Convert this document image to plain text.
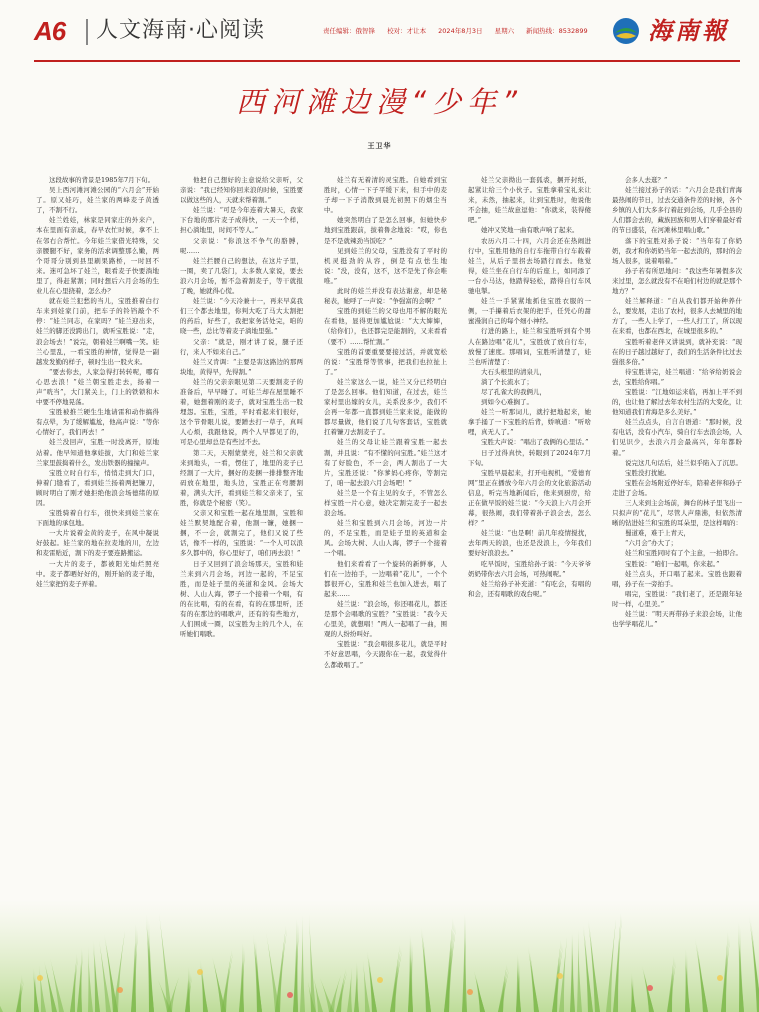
A6 人文海南·心阅读	责任编辑：俄智锋 校对：才让本 2024年8月3日 星期六 新闻热线：8532899	海南報
西河滩边漫“少年”
王卫华

这段故事的背景是1985年7月下旬。

吴上西河滩河滩公园的“六月会”开始了。原又娃巧，娃兰家的两峰麦子黄透了，不割不行。

娃兰姓娃，林家是同家庄的外来户，本在里面有亲戚，春早农忙时候，拿不上在邻右合帮忙。今年娃兰家借光特殊，父亲腰腿不好，家务的活求调整那么嫩，两个哥哥分别到县里刷果路桥，一时回不来。迷可急坏了娃兰，眼看麦子快要淌地里了，得赶紧割；同时想后六月会场的生业儿在心里挠着，怎么办？

就在娃兰犯愁的当儿，宝胜推着白行车来到娃家门前，把车子的铃铛敲个不停：“娃兰同志，在家吗？”娃兰迎出来，娃兰的脚还没跨出门，就听宝胜说：“走，浪会场去！”说完，朝着娃兰啊嘴一笑。娃兰心里乱，一看宝胜的神情，觉得是一副越发发勤的样子，顿时生出一股火来。

“要去你去，人家急得打转转呢，哪有心思去浪！”娃兰朝宝胜走去，扬着一声“咣当”，大门紧关上，门上的铁锁和木中要不停地晃荡。

宝胜被推兰硬生生地请雷和动作搞得有点晕，为了缓解尴尬，他高声说：“等你心情好了，我们再去！”

娃兰没回声，宝胜一时没离开，原地站着。他早知道他拿娃拔，大门和娃兰家兰家里鼓捣着什么，发出铁器的撞撞声。

宝胜立时自行车，悄悄走到大门口，伸着门缝看了，看到娃兰扬着两把镰刀，顾时明白了刚才她拒绝他浪会场德绪的原因。

宝胜骑着自行车，很快来到娃兰家在下面地的承包地。

一大片说着金黄的麦子，在风中凝说好鼓起。娃兰家的地在拉麦地的川，左边和麦雷贴近，割下的麦子要连路搬运。

一大片的麦子，都被阳光灿烂照亮中。麦子都晒好好的，刚开始的麦子地，娃兰家把的麦子弄着。

他把自己想好的主意说给父亲听，父亲说：“我已经知你回来浪的时候，宝胜要以做这些的人，天就来帮着割。”

娃兰说：“可是今年连着大暑天，我家下台地的那片麦子成得快，一天一个样，担心淌地里，时间不等人。”

父亲说：“你浪这不争气的胳膊，呢……

娃兰拦腰自己的想法，在这片子里，一圈，卖了几袋门，太多数人家说，要去浪六月会场，暂不急着割麦子，等干就报了晚，她就得心慌。

娃兰说：“今天冷兼十一，再来早莫我们三个都去地里，你判大吃了马大太割把的药后，好些了，我把家务活处完，咱的晓一些，总比等着麦子淌地里强。”

父亲：“就是，刚才讲了说，腿子还行，来人不如来自己。”

娃兰又肯调：“主要是害这路边的那两块地，黄得早，先得割。”

娃兰的父亲亲眼见第二天要割麦子的准备后，早早睡了。可娃兰却在屋里睡不着，她想着刚的麦子，就对宝胜生出一股埋怨。宝胜，宝胜，平时看起来们很好，这个节骨眼儿说，要蹭去打一草子，真叫人心烦，我跟他说，两个人早都见了的，可是心里却总是有些过不去。

第二天，天刚蒙蒙亮，娃兰和父亲就来到地头，一看，愣住了，地里的麦子已经割了一大片，捆好的麦捆一排排整齐地码放在地里，地头边，宝胜正在弯腰割着，满头大汗，看到娃兰和父亲来了，宝胜，你就是个秘密（笑）。

父亲又和宝胜一起在地里割，宝胜和娃兰默契地配合着，他割一镰，她捆一捆，不一会，就割完了，他们又说了些话，像不一样的，宝胜说：“一个人可以浪多久都中的，你心里好了，咱们再去浪！”

日子又回到了浪会场那天，宝胜和娃兰来到六月会场，河边一起的，不足宝胜，而是娃子里的英道和金风。会场大树、人山人海，锣子一个接着一个唱，有的在比唱，有的在看，有的在那里听，还有的在那边的唱歌声，还有的有些地方，人们围成一圈，以宝胜为主的几个人，在听她们唱歌。

娃兰有无着清的灵宝胜。自她看到宝胜时，心情一下子平缓下来，但手中的麦子却一下子消散到晨光初照下的烟尘当中。

她突然明白了是怎么回事，但她快步地到宝胜跟前，拔着鲁念地说：“哎，你也是不是就辣劲当饭吃？”

见到娃兰的父母，宝胜没有了平时的机灵挺劲的从容，倒是有点怯生地说：“没，没有，这不，这不是先了你会唯唯。”

此时的娃兰并没有表达谢意，却是秘秘表，她呼了一声说：“争强富的会啊？”

宝胜的到娃兰的父母也用不解的眼光在看他，显得更加尴尬说：“大大婶婶，（给你们），也还都完是能割的，又来看看（要不）……帮忙割。”

宝胜的首要重要要接过活，并就宽松的说：“宝胜帮等管事，把我们也拉扯上了。”

娃兰家这么一说，娃兰又分已经明白了是怎么回事。他们知道，在过去，娃兰家村里出嫁的女儿，关系没多少，我们不会再一年都一直都到娃兰家来说，能做的都尽量做，他们说了几句客套话，宝胜就扛着镰刀去割麦子了。

娃兰的父母让娃兰跟着宝胜一起去割，并且说：“有不懂的问宝胜。”娃兰这才有了好脸色，不一会，两人割出了一大片，宝胜还说：“你爹妈心疼你，等割完了，咱一起去浪六月会场吧！”

娃兰是一个有主见的女子，不管怎么样宝胜一片心意，她决定割完麦子一起去浪会场。

娃兰和宝胜到六月会场，河边一片的，不足宝胜，而是娃子里的英道和金风。会场大树、人山人海，锣子一个接着一个唱。

他们来看看了一个旋转的新鲜事，人们在一边拍手，一边唱着“花儿”，一个个都很开心，宝胜和娃兰也加入进去，唱了起来……

娃兰说：“浪会场，你还唱花儿，都还是那个会唱歌的宝胜？”宝胜说：“我今天心里美，就想唱！”两人一起唱了一曲，围观的人纷纷叫好。

宝胜说：“我会唱很多花儿，就是平时不好意思唱，今天跟你在一起，我觉得什么都敢唱了。”

娃兰父亲拗出一套狐裘，捆开封纸，起紧让给三个小伙子。宝胜拿着宝礼来让来，未然，抽起来，让到宝胜时，他说他不会抽，娃兰故意逗他：“你就来，装得傻吧。”

她冲又笑地一曲有歌声响了起来。

农历六月二十四，六月会还在热闹进行中，宝胜用他的自行车拖带自行车载着娃兰，从后子里拐去场踏行而去。他觉得，娃兰坐在自行车的后座上，如同添了一台小马达，他踏得轻松，踏得自行车风驰电掣。

娃兰一手紧紧地抓住宝胜衣服的一侧，一手攥着后衣架的把手，任凭心的甜蜜漫润自己的每个细小神经。

行进的路上，娃兰和宝胜听到有个男人在路边唱“花儿”，宝胜放了放自行车，放慢了速度。那唱词，宝胜听清楚了，娃兰也听清楚了：

大石头根里的清泉儿，

淌了个长流水了；

尽了孔雀大的我俩儿，

到如今心难搁了。

娃兰一听那词儿，就拧把地起来，她拿手捅了一下宝胜的后背，娇嗔道：“听啥哩，真无人了。”

宝胜大声说：“唱出了我俩的心里话。”

日子过得真快，转眼到了2024年7月下旬。

宝胜早晨起来，打开电视机，“爱德育网”里正在播放今年六月会的文化旅游活动信息，听完当地新闻后，他来到厨房，给正在做早饭的娃兰说：“今天浪上六月会开幕，很热闹，我们带着孙子浪会去，怎么样？”

娃兰说：“也是啊！前几年疫情搅扰，去年两天的浪，也还是没浪上，今年我们要好好浪浪去。”

吃早饭时，宝胜给孙子说：“今天爷爷奶奶带你去六月会场，可热闹呢。”

娃兰给孙子补充道：“有吃会，有唱的和会，还有唱歌的戏台呢。”

会多人去逛？”

娃兰接过孙子的话：“六月会是我们青海最热闹的节日，过去交通条件差的时候，各个乡镇的人们大多多行着赶到会场，几乎全县的人们都会去的，藏族回族和男人们穿着最好看的节日盛装，在河滩林里唱山歌。”

落下的宝胜对孙子说：“当年有了你奶奶，我才和你奶奶当年一起去浪的，那时的会场人很多，说着唱着。”

孙子若有所思地问：“我这些年暑假多次来过里，怎么就没有不在咱们村边的就是那个地方？”

娃兰解释道：“自从我们都开始种养什么，要发展，走出了农村，很多人去城里的地方了，一些人上学了，一些人打工了，所以现在来看，也都在西北，在城里很多的。”

宝胜听着老伴又讲说到，就补充说：“现在的日子越过越好了，我们的生活条件比过去强很多倍。”

待宝胜讲完，娃兰唱道：“给爷给奶说会去，宝胜给你唱。”

宝胜说：“江地如运来临，再加上平不到的，也让他了解过去年农村生活的大变化，让他知道我们青海是多么美好。”

娃兰点点头，自言自语道：“那时候，没有电话，没有小汽车，骑自行车去浪会场，人们见识少，去浪六月会最高兴，年年都盼着。”

说完这几句话后，娃兰似乎陷入了沉思。

宝胜没打扰她。

宝胜在会场附近停好车，陪着老伴和孙子走进了会场。

三人来到主会场前，舞台的林子里飞出一只拟声的“花儿”，尽管人声鼎沸，但依然清晰的钻进娃兰和宝胜的耳朵里，是这样唱的：

蜀道难，难于上青天，

“六月会”办大了；

娃兰和宝胜同时有了个主意，一拍即合。

宝胜说：“咱们一起唱，你来起。”

娃兰点头，开口唱了起来。宝胜也跟着唱，孙子在一旁拍手。

唱完，宝胜说：“我们老了，还是跟年轻时一样，心里美。”

娃兰说：“明天再带孙子来浪会场，让他也学学唱花儿。”
